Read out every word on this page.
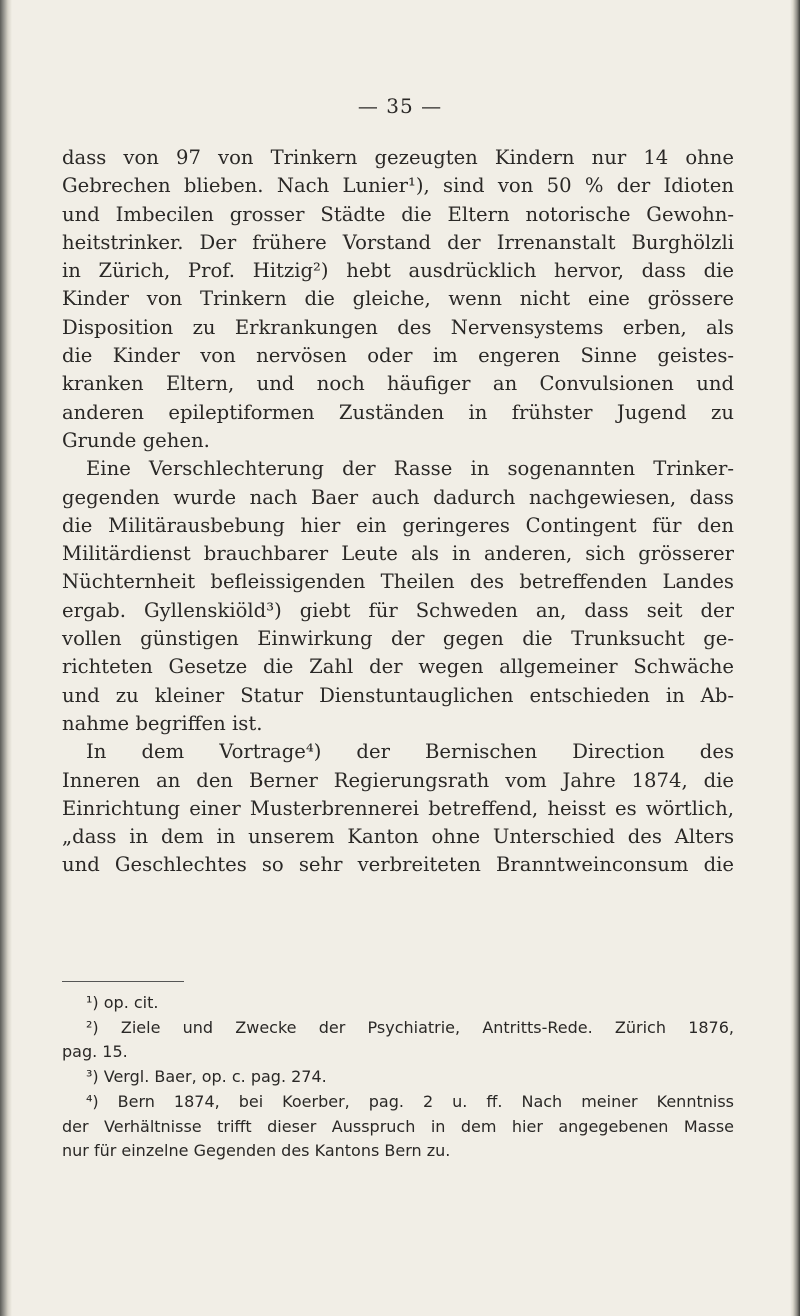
— 35 —
dass von 97 von Trinkern gezeugten Kindern nur 14 ohne
Gebrechen blieben. Nach Lunier¹), sind von 50 % der Idioten
und Imbecilen grosser Städte die Eltern notorische Gewohn-
heitstrinker. Der frühere Vorstand der Irrenanstalt Burghölzli
in Zürich, Prof. Hitzig²) hebt ausdrücklich hervor, dass die
Kinder von Trinkern die gleiche, wenn nicht eine grössere
Disposition zu Erkrankungen des Nervensystems erben, als
die Kinder von nervösen oder im engeren Sinne geistes-
kranken Eltern, und noch häufiger an Convulsionen und
anderen epileptiformen Zuständen in frühster Jugend zu
Grunde gehen.
Eine Verschlechterung der Rasse in sogenannten Trinker-
gegenden wurde nach Baer auch dadurch nachgewiesen, dass
die Militärausbebung hier ein geringeres Contingent für den
Militärdienst brauchbarer Leute als in anderen, sich grösserer
Nüchternheit befleissigenden Theilen des betreffenden Landes
ergab. Gyllenskiöld³) giebt für Schweden an, dass seit der
vollen günstigen Einwirkung der gegen die Trunksucht ge-
richteten Gesetze die Zahl der wegen allgemeiner Schwäche
und zu kleiner Statur Dienstuntauglichen entschieden in Ab-
nahme begriffen ist.
In dem Vortrage⁴) der Bernischen Direction des
Inneren an den Berner Regierungsrath vom Jahre 1874, die
Einrichtung einer Musterbrennerei betreffend, heisst es wörtlich,
„dass in dem in unserem Kanton ohne Unterschied des Alters
und Geschlechtes so sehr verbreiteten Branntweinconsum die
¹) op. cit.
²) Ziele und Zwecke der Psychiatrie, Antritts-Rede. Zürich 1876,
pag. 15.
³) Vergl. Baer, op. c. pag. 274.
⁴) Bern 1874, bei Koerber, pag. 2 u. ff. Nach meiner Kenntniss
der Verhältnisse trifft dieser Ausspruch in dem hier angegebenen Masse
nur für einzelne Gegenden des Kantons Bern zu.
